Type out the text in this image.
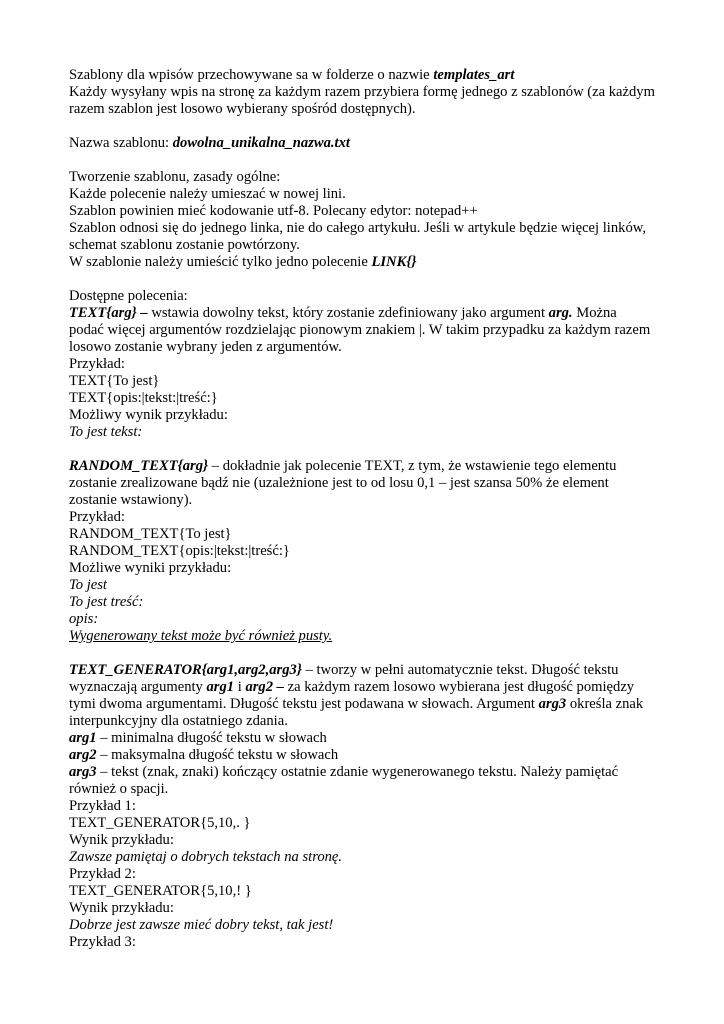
Szablony dla wpisów przechowywane sa w folderze o nazwie templates_art
Każdy wysyłany wpis na stronę za każdym razem przybiera formę jednego z szablonów (za każdym
razem szablon jest losowo wybierany spośród dostępnych).
Nazwa szablonu: dowolna_unikalna_nazwa.txt
Tworzenie szablonu, zasady ogólne:
Każde polecenie należy umieszać w nowej lini.
Szablon powinien mieć kodowanie utf-8. Polecany edytor: notepad++
Szablon odnosi się do jednego linka, nie do całego artykułu. Jeśli w artykule będzie więcej linków,
schemat szablonu zostanie powtórzony.
W szablonie należy umieścić tylko jedno polecenie LINK{}
Dostępne polecenia:
TEXT{arg} – wstawia dowolny tekst, który zostanie zdefiniowany jako argument arg. Można
podać więcej argumentów rozdzielając pionowym znakiem |. W takim przypadku za każdym razem
losowo zostanie wybrany jeden z argumentów.
Przykład:
TEXT{To jest}
TEXT{opis:|tekst:|treść:}
Możliwy wynik przykładu:
To jest tekst:
RANDOM_TEXT{arg} – dokładnie jak polecenie TEXT, z tym, że wstawienie tego elementu
zostanie zrealizowane bądź nie (uzależnione jest to od losu 0,1 – jest szansa 50% że element
zostanie wstawiony).
Przykład:
RANDOM_TEXT{To jest}
RANDOM_TEXT{opis:|tekst:|treść:}
Możliwe wyniki przykładu:
To jest
To jest treść:
opis:
Wygenerowany tekst może być również pusty.
TEXT_GENERATOR{arg1,arg2,arg3} – tworzy w pełni automatycznie tekst. Długość tekstu
wyznaczają argumenty arg1 i arg2 – za każdym razem losowo wybierana jest długość pomiędzy
tymi dwoma argumentami. Długość tekstu jest podawana w słowach. Argument arg3 określa znak
interpunkcyjny dla ostatniego zdania.
arg1 – minimalna długość tekstu w słowach
arg2 – maksymalna długość tekstu w słowach
arg3 – tekst (znak, znaki) kończący ostatnie zdanie wygenerowanego tekstu. Należy pamiętać
również o spacji.
Przykład 1:
TEXT_GENERATOR{5,10,. }
Wynik przykładu:
Zawsze pamiętaj o dobrych tekstach na stronę.
Przykład 2:
TEXT_GENERATOR{5,10,! }
Wynik przykładu:
Dobrze jest zawsze mieć dobry tekst, tak jest!
Przykład 3:
